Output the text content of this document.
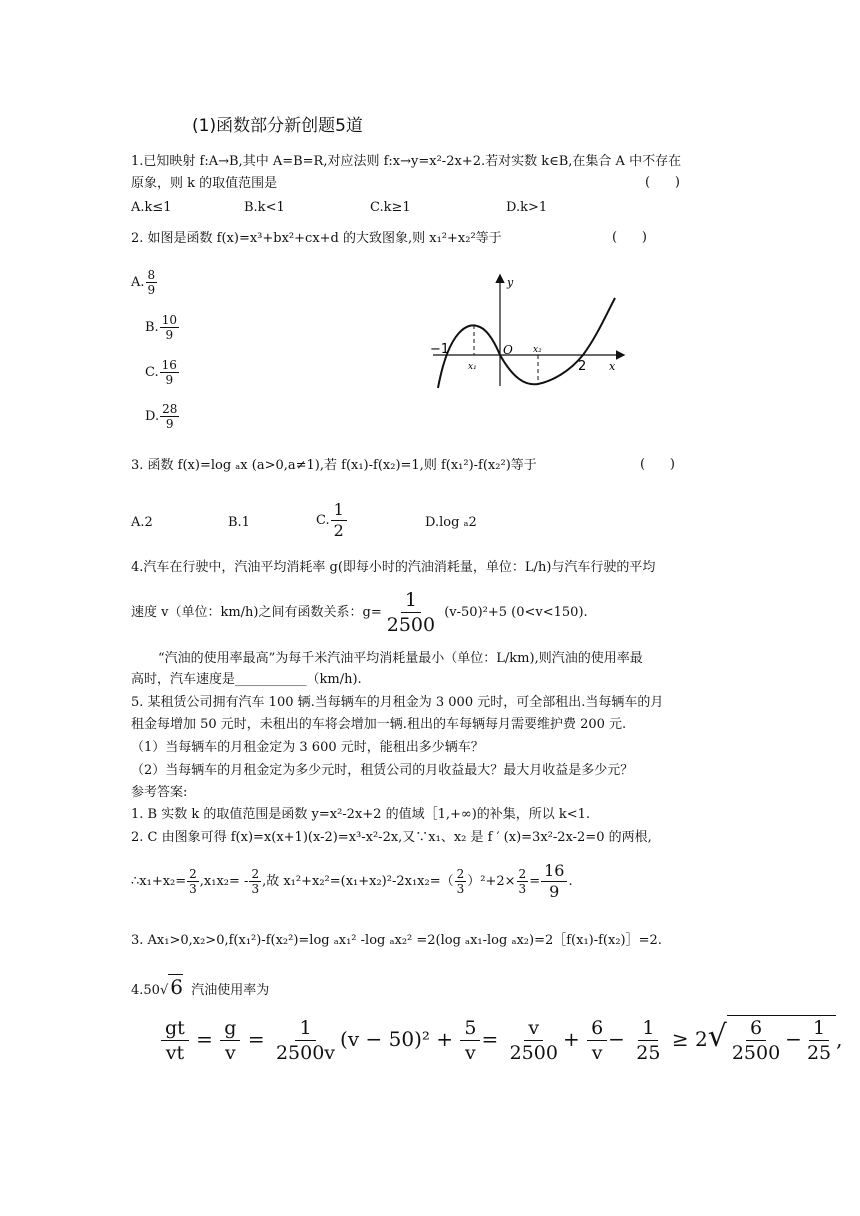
(1)函数部分新创题5道
1.已知映射 f:A→B,其中 A=B=R,对应法则 f:x→y=x²-2x+2.若对实数 k∈B,在集合 A 中不存在
原象，则 k 的取值范围是	(      )
A.k≤1	B.k<1	C.k≥1	D.k>1
2. 如图是函数 f(x)=x³+bx²+cx+d 的大致图象,则 x₁²+x₂²等于	(      )
A. $\frac{8}{9}$
B. $\frac{10}{9}$
C. $\frac{16}{9}$
D. $\frac{28}{9}$
y
x
O
−1
2
x₁
x₂
3. 函数 f(x)=log ₐx (a>0,a≠1),若 f(x₁)-f(x₂)=1,则 f(x₁²)-f(x₂²)等于	(      )
A.2	B.1	C. $\frac{1}{2}$	D.log ₐ2
4.汽车在行驶中，汽油平均消耗率 g(即每小时的汽油消耗量，单位：L/h)与汽车行驶的平均
速度 v（单位：km/h)之间有函数关系：$g= \frac{1}{2500} (v-50)^2+5$ (0<v<150).
“汽油的使用率最高”为每千米汽油平均消耗量最小（单位：L/km),则汽油的使用率最
高时，汽车速度是___________（km/h).
5. 某租赁公司拥有汽车 100 辆.当每辆车的月租金为 3 000 元时，可全部租出.当每辆车的月
租金每增加 50 元时，未租出的车将会增加一辆.租出的车每辆每月需要维护费 200 元.
（1）当每辆车的月租金定为 3 600 元时，能租出多少辆车？
（2）当每辆车的月租金定为多少元时，租赁公司的月收益最大？最大月收益是多少元？
参考答案:
1. B 实数 k 的取值范围是函数 y=x²-2x+2 的值域［1,+∞)的补集，所以 k<1.
2. C 由图象可得 f(x)=x(x+1)(x-2)=x³-x²-2x,又∵x₁、x₂ 是 f ′ (x)=3x²-2x-2=0 的两根,
∴x₁+x₂= $\frac{2}{3} ,x_1x_2= - \frac{2}{3}$ ,故 $x_1^2+x_2^2=(x_1+x_2)^2-2x_1x_2=( \frac{2}{3} )^2+2\times \frac{2}{3} = \frac{16}{9}$ .
3. Ax₁>0,x₂>0,f(x₁²)-f(x₂²)=log ₐx₁² -log ₐx₂² =2(log ₐx₁-log ₐx₂)=2［f(x₁)-f(x₂)］=2.
4.50√ 6 汽油使用率为
$\frac{gt}{vt} = \frac{g}{v} = \frac{1}{2500v} (v - 50)^2 + \frac{5}{v} = \frac{v}{2500} + \frac{6}{v} - \frac{1}{25} \ge 2√ \frac{6}{2500} - \frac{1}{25}$ ,
